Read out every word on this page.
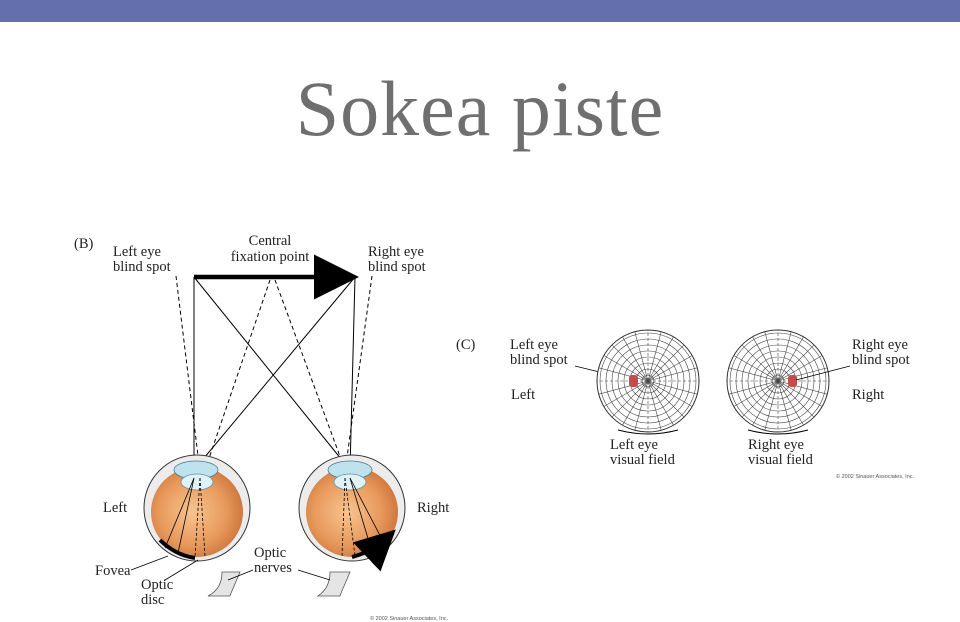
Sokea piste
(B) Left eye
blind spot
Central
fixation point	Right eye
blind spot
Left	Right
Fovea
Optic
disc
Optic
nerves
© 2002 Sinauer Associates, Inc.
(C) Left eye
blind spot
Left
Right eye
blind spot
Right
Left eye
visual field
Right eye
visual field
© 2002 Sinauer Associates, Inc.
